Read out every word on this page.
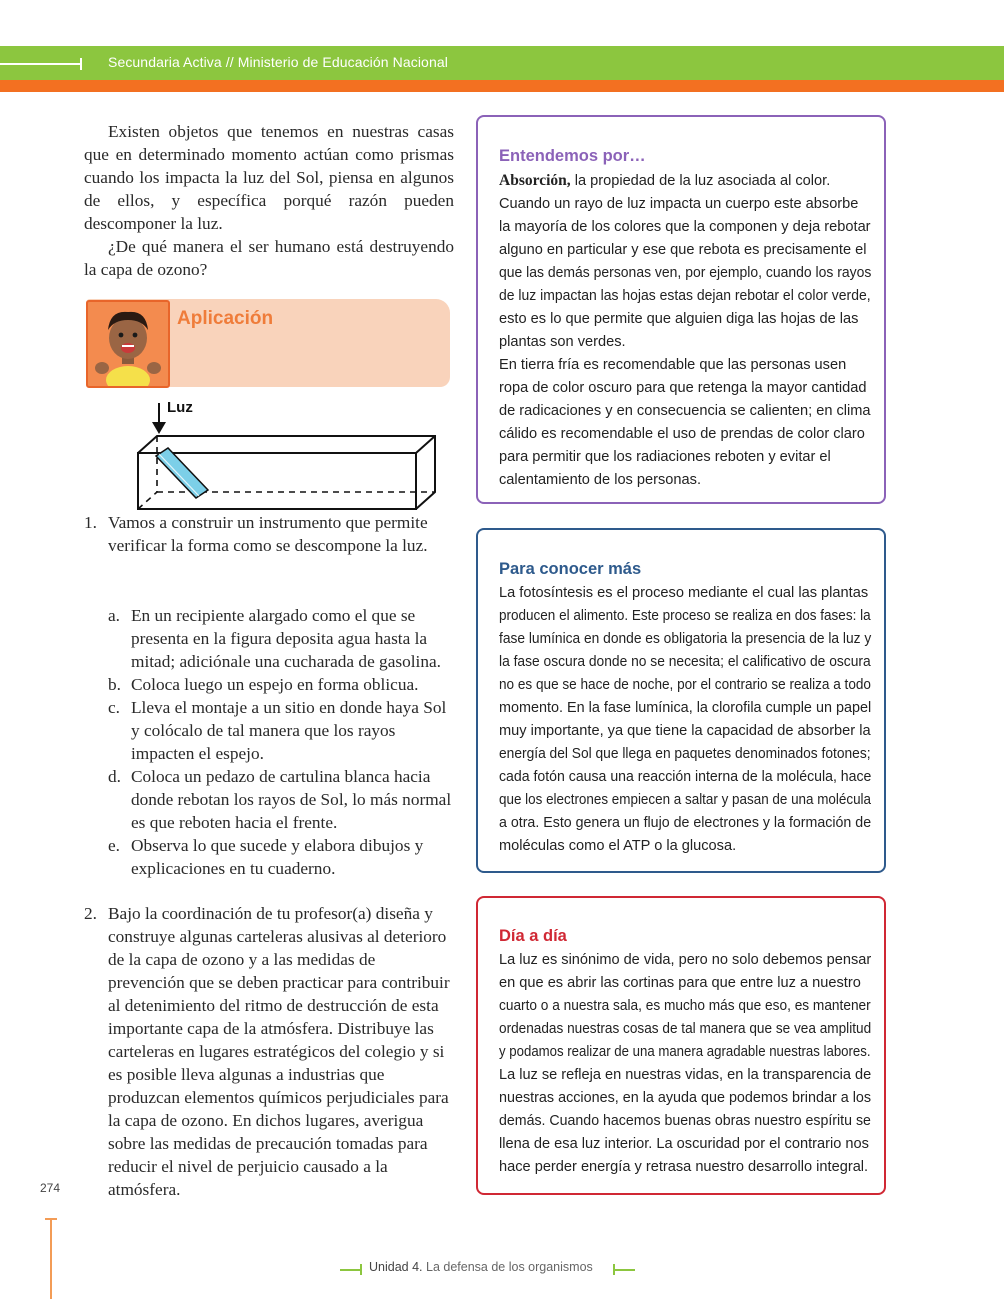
Secundaria Activa // Ministerio de Educación Nacional

Existen objetos que tenemos en nuestras casas que en determinado momento actúan como prismas cuando los impacta la luz del Sol, piensa en algunos de ellos, y específica porqué razón pueden descomponer la luz.

¿De qué manera el ser humano está destruyendo la capa de ozono?

Aplicación
Luz
1. Vamos a construir un instrumento que permite verificar la forma como se descompone la luz.
a. En un recipiente alargado como el que se presenta en la figura deposita agua hasta la mitad; adiciónale una cucharada de gasolina.
b. Coloca luego un espejo en forma oblicua.
c. Lleva el montaje a un sitio en donde haya Sol y colócalo de tal manera que los rayos impacten el espejo.
d. Coloca un pedazo de cartulina blanca hacia donde rebotan los rayos de Sol, lo más normal es que reboten hacia el frente.
e. Observa lo que sucede y elabora dibujos y explicaciones en tu cuaderno.
2. Bajo la coordinación de tu profesor(a) diseña y construye algunas carteleras alusivas al deterioro de la capa de ozono y a las medidas de prevención que se deben practicar para contribuir al detenimiento del ritmo de destrucción de esta importante capa de la atmósfera. Distribuye las carteleras en lugares estratégicos del colegio y si es posible lleva algunas a industrias que produzcan elementos químicos perjudiciales para la capa de ozono. En dichos lugares, averigua sobre las medidas de precaución tomadas para reducir el nivel de perjuicio causado a la atmósfera.
274
Entendemos por…
Absorción, la propiedad de la luz asociada al color.
Cuando un rayo de luz impacta un cuerpo este absorbe
la mayoría de los colores que la componen y deja rebotar
alguno en particular y ese que rebota es precisamente el
que las demás personas ven, por ejemplo, cuando los rayos
de luz impactan las hojas estas dejan rebotar el color verde,
esto es lo que permite que alguien diga las hojas de las
plantas son verdes.
En tierra fría es recomendable que las personas usen
ropa de color oscuro para que retenga la mayor cantidad
de radicaciones y en consecuencia se calienten; en clima
cálido es recomendable el uso de prendas de color claro
para permitir que los radiaciones reboten y evitar el
calentamiento de los personas.
Para conocer más
La fotosíntesis es el proceso mediante el cual las plantas
producen el alimento. Este proceso se realiza en dos fases: la
fase lumínica en donde es obligatoria la presencia de la luz y
la fase oscura donde no se necesita; el calificativo de oscura
no es que se hace de noche, por el contrario se realiza a todo
momento. En la fase lumínica, la clorofila cumple un papel
muy importante, ya que tiene la capacidad de absorber la
energía del Sol que llega en paquetes denominados fotones;
cada fotón causa una reacción interna de la molécula, hace
que los electrones empiecen a saltar y pasan de una molécula
a otra. Esto genera un flujo de electrones y la formación de
moléculas como el ATP o la glucosa.
Día a día
La luz es sinónimo de vida, pero no solo debemos pensar
en que es abrir las cortinas para que entre luz a nuestro
cuarto o a nuestra sala, es mucho más que eso, es mantener
ordenadas nuestras cosas de tal manera que se vea amplitud
y podamos realizar de una manera agradable nuestras labores.
La luz se refleja en nuestras vidas, en la transparencia de
nuestras acciones, en la ayuda que podemos brindar a los
demás. Cuando hacemos buenas obras nuestro espíritu se
llena de esa luz interior. La oscuridad por el contrario nos
hace perder energía y retrasa nuestro desarrollo integral.
Unidad 4. La defensa de los organismos
